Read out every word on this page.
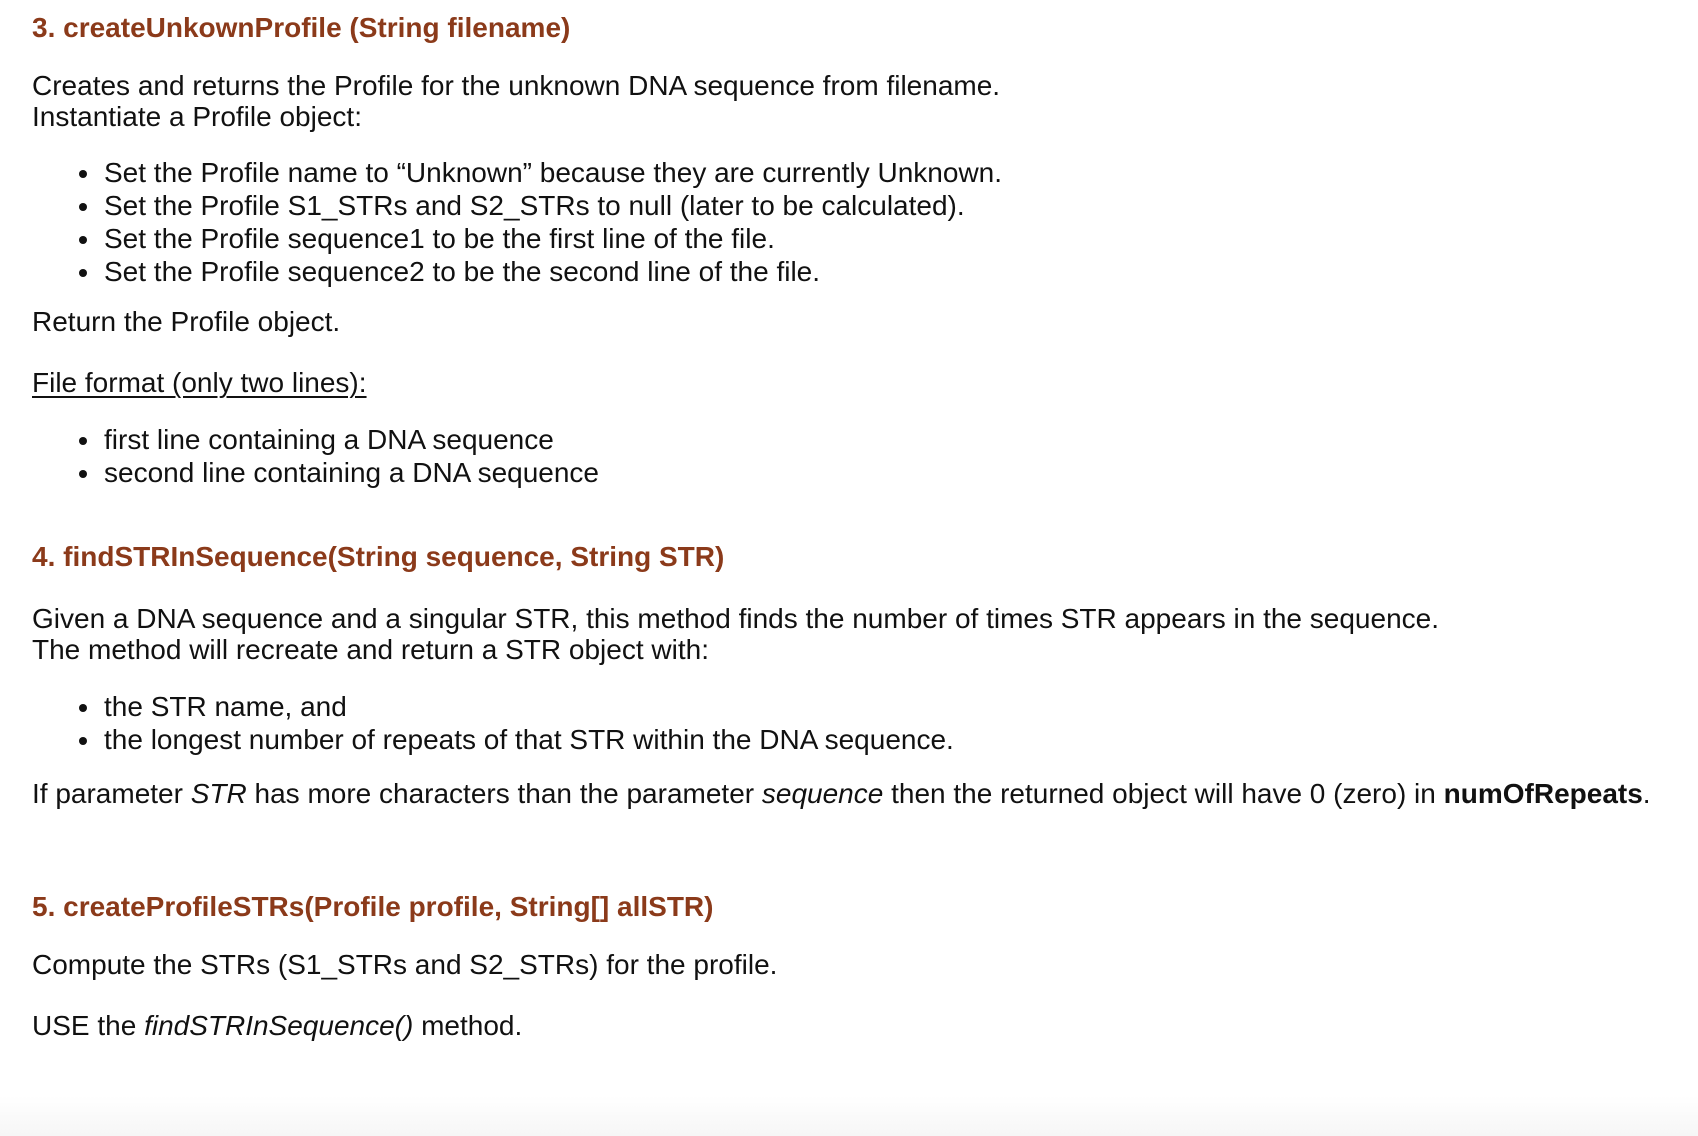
3. createUnkownProfile (String filename)
Creates and returns the Profile for the unknown DNA sequence from filename.
Instantiate a Profile object:
Set the Profile name to “Unknown” because they are currently Unknown.
Set the Profile S1_STRs and S2_STRs to null (later to be calculated).
Set the Profile sequence1 to be the first line of the file.
Set the Profile sequence2 to be the second line of the file.
Return the Profile object.
File format (only two lines):
first line containing a DNA sequence
second line containing a DNA sequence
4. findSTRInSequence(String sequence, String STR)
Given a DNA sequence and a singular STR, this method finds the number of times STR appears in the sequence.
The method will recreate and return a STR object with:
the STR name, and
the longest number of repeats of that STR within the DNA sequence.
If parameter STR has more characters than the parameter sequence then the returned object will have 0 (zero) in numOfRepeats.
5. createProfileSTRs(Profile profile, String[] allSTR)
Compute the STRs (S1_STRs and S2_STRs) for the profile.
USE the findSTRInSequence() method.
